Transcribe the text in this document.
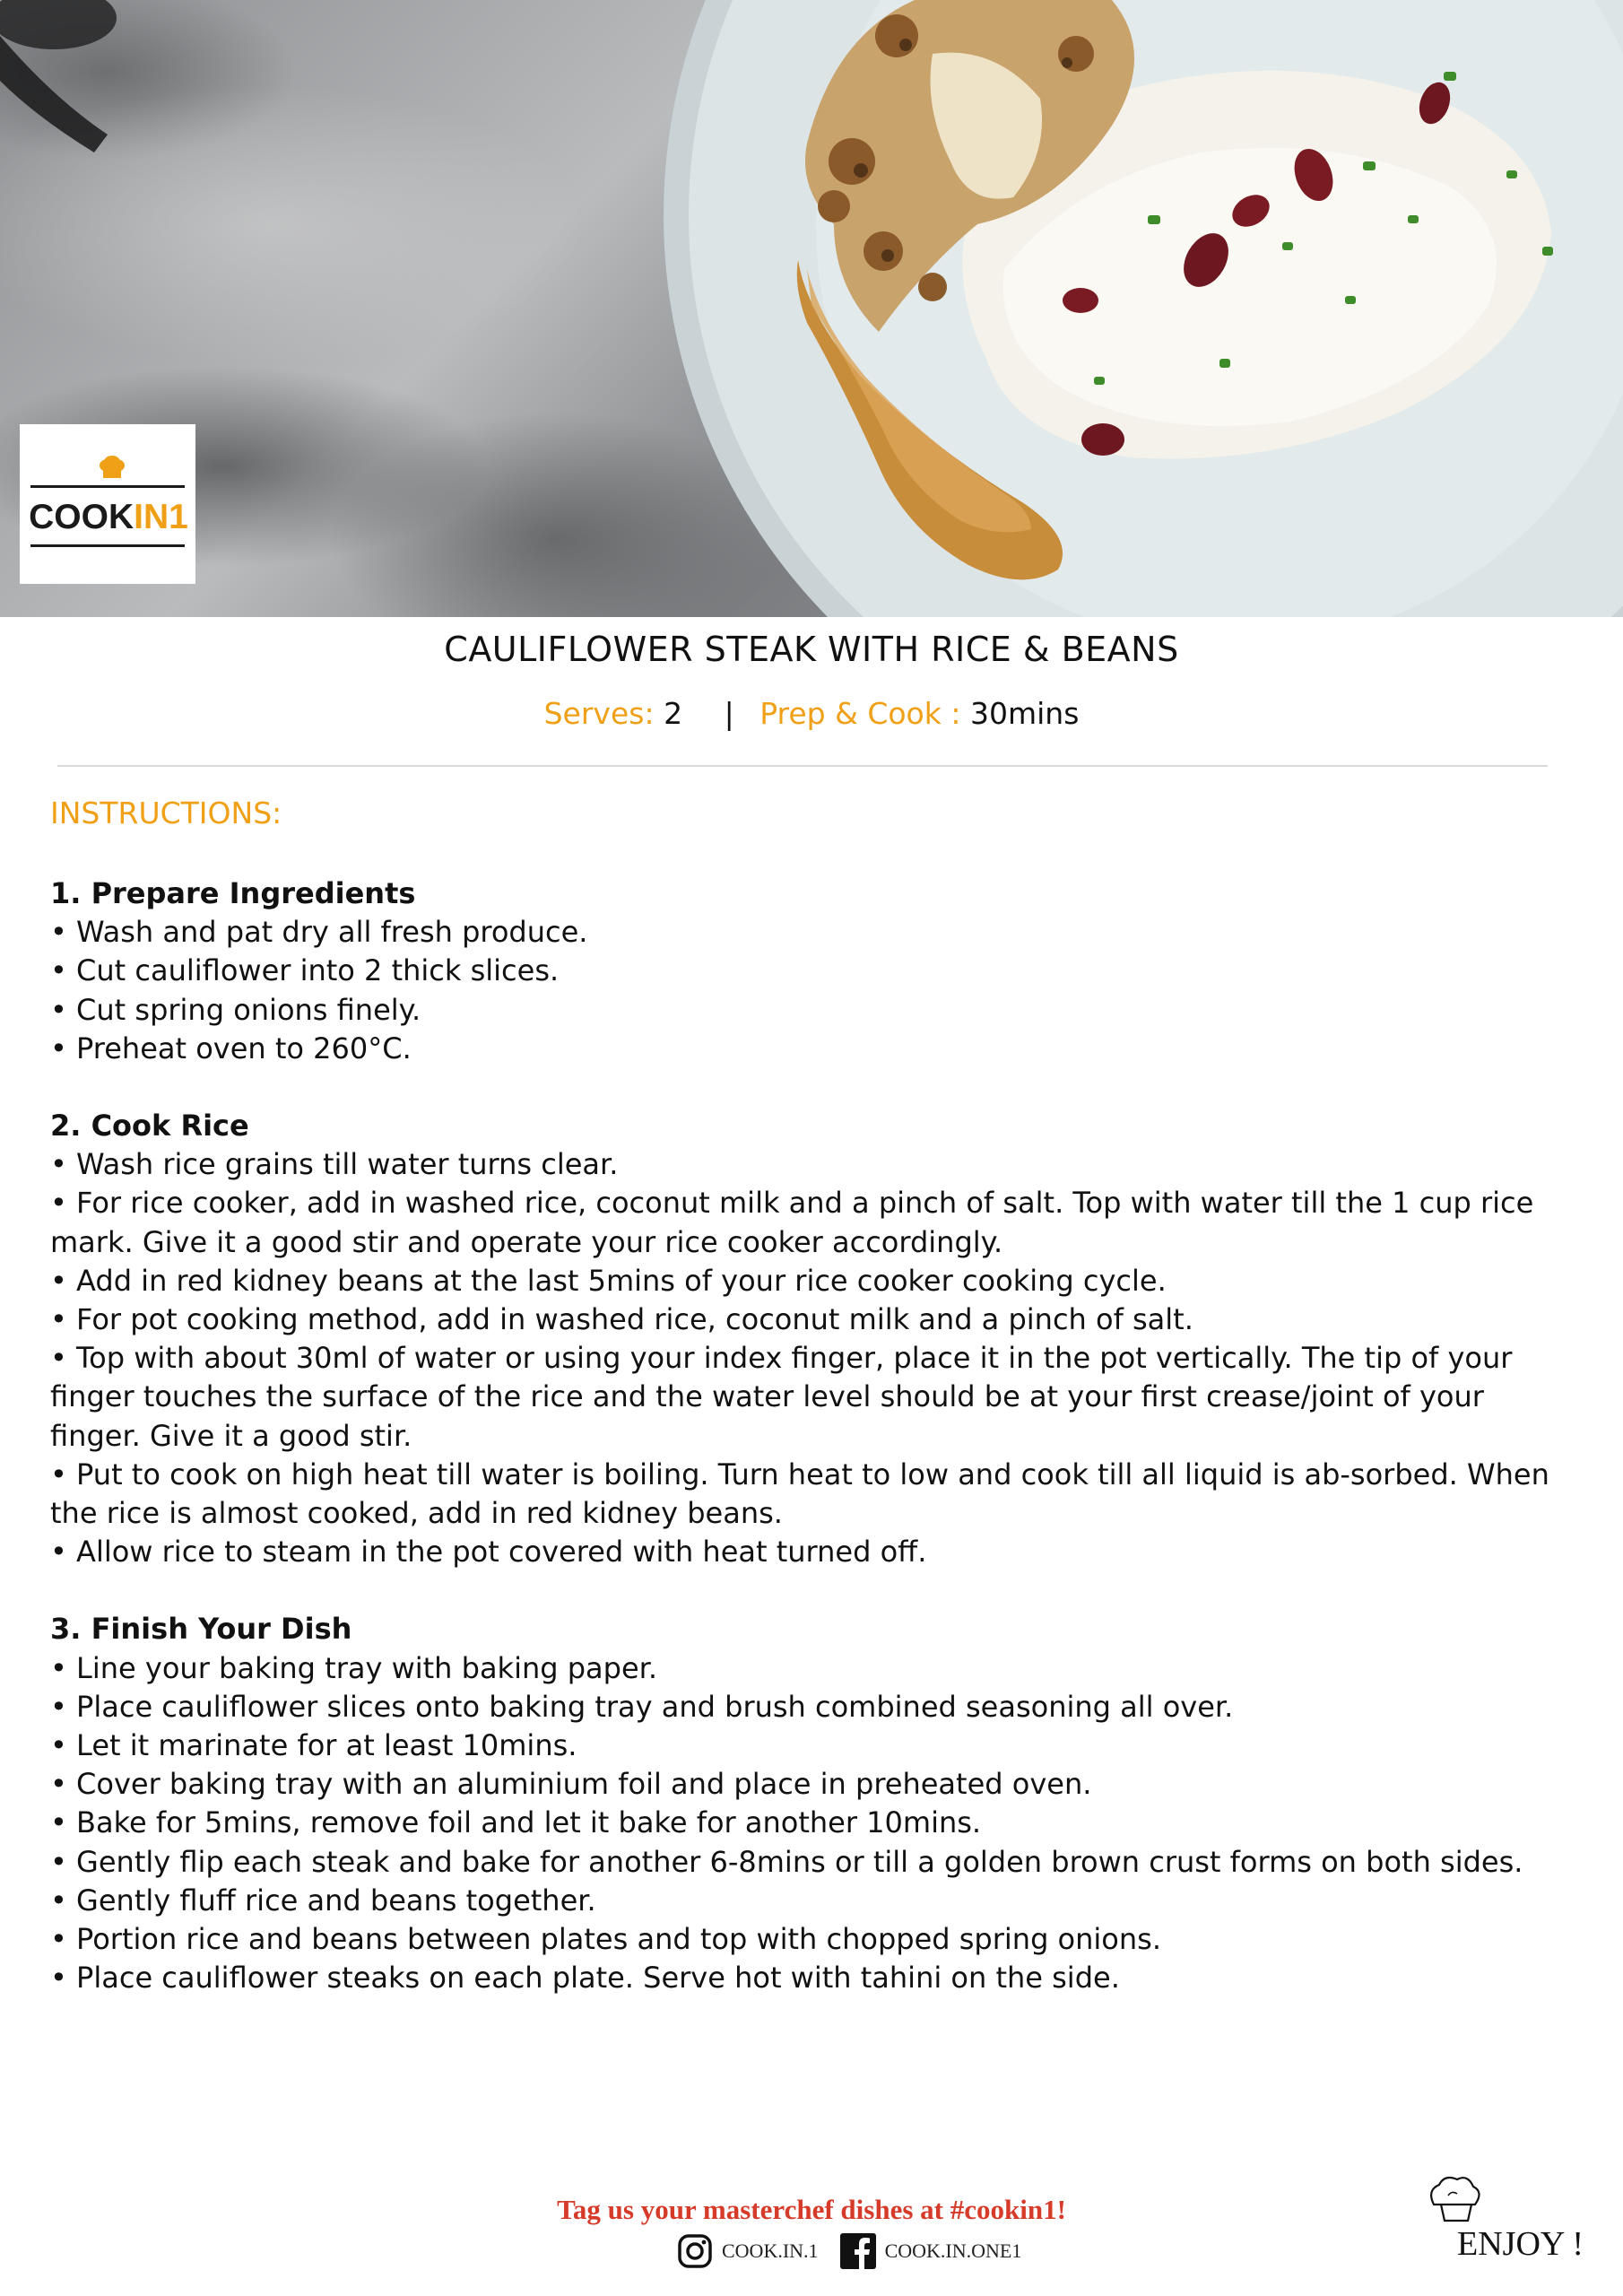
COOKIN1
CAULIFLOWER STEAK WITH RICE & BEANS
Serves: 2 | Prep & Cook : 30mins
INSTRUCTIONS:
1. Prepare Ingredients
• Wash and pat dry all fresh produce.
• Cut cauliflower into 2 thick slices.
• Cut spring onions finely.
• Preheat oven to 260°C.
2. Cook Rice
• Wash rice grains till water turns clear.
• For rice cooker, add in washed rice, coconut milk and a pinch of salt. Top with water till the 1 cup rice mark. Give it a good stir and operate your rice cooker accordingly.
• Add in red kidney beans at the last 5mins of your rice cooker cooking cycle.
• For pot cooking method, add in washed rice, coconut milk and a pinch of salt.
• Top with about 30ml of water or using your index finger, place it in the pot vertically. The tip of your finger touches the surface of the rice and the water level should be at your first crease/joint of your finger. Give it a good stir.
• Put to cook on high heat till water is boiling. Turn heat to low and cook till all liquid is ab-sorbed. When the rice is almost cooked, add in red kidney beans.
• Allow rice to steam in the pot covered with heat turned off.
3. Finish Your Dish
• Line your baking tray with baking paper.
• Place cauliflower slices onto baking tray and brush combined seasoning all over.
• Let it marinate for at least 10mins.
• Cover baking tray with an aluminium foil and place in preheated oven.
• Bake for 5mins, remove foil and let it bake for another 10mins.
• Gently flip each steak and bake for another 6-8mins or till a golden brown crust forms on both sides.
• Gently fluff rice and beans together.
• Portion rice and beans between plates and top with chopped spring onions.
• Place cauliflower steaks on each plate. Serve hot with tahini on the side.
Tag us your masterchef dishes at #cookin1!
COOK.IN.1	COOK.IN.ONE1	ENJOY !
